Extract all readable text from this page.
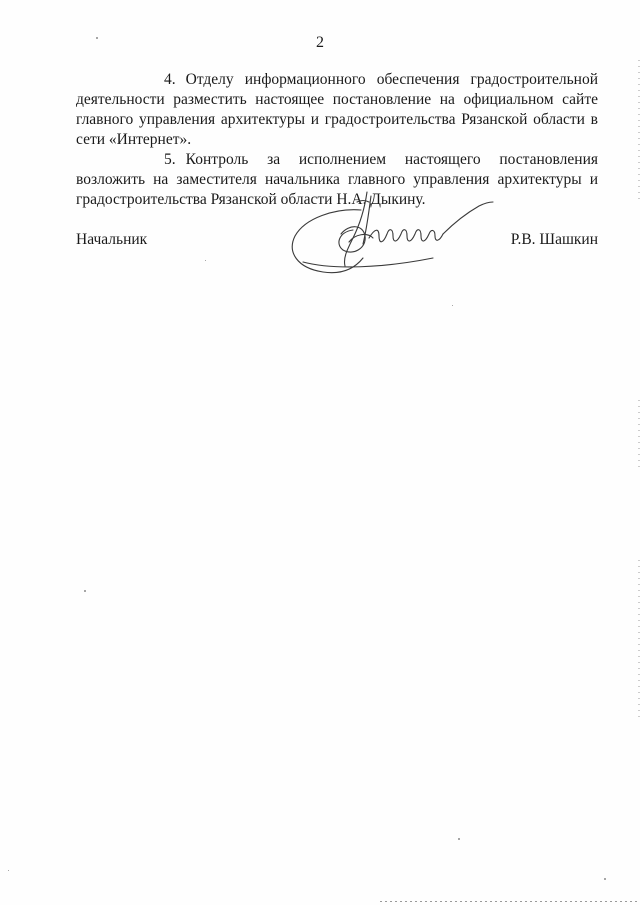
2

4. Отделу информационного обеспечения градостроительной деятельности разместить настоящее постановление на официальном сайте главного управления архитектуры и градостроительства Рязанской области в сети «Интернет».

5. Контроль за исполнением настоящего постановления возложить на заместителя начальника главного управления архитектуры и градостроительства Рязанской области Н.А. Дыкину.

Начальник	Р.В. Шашкин
